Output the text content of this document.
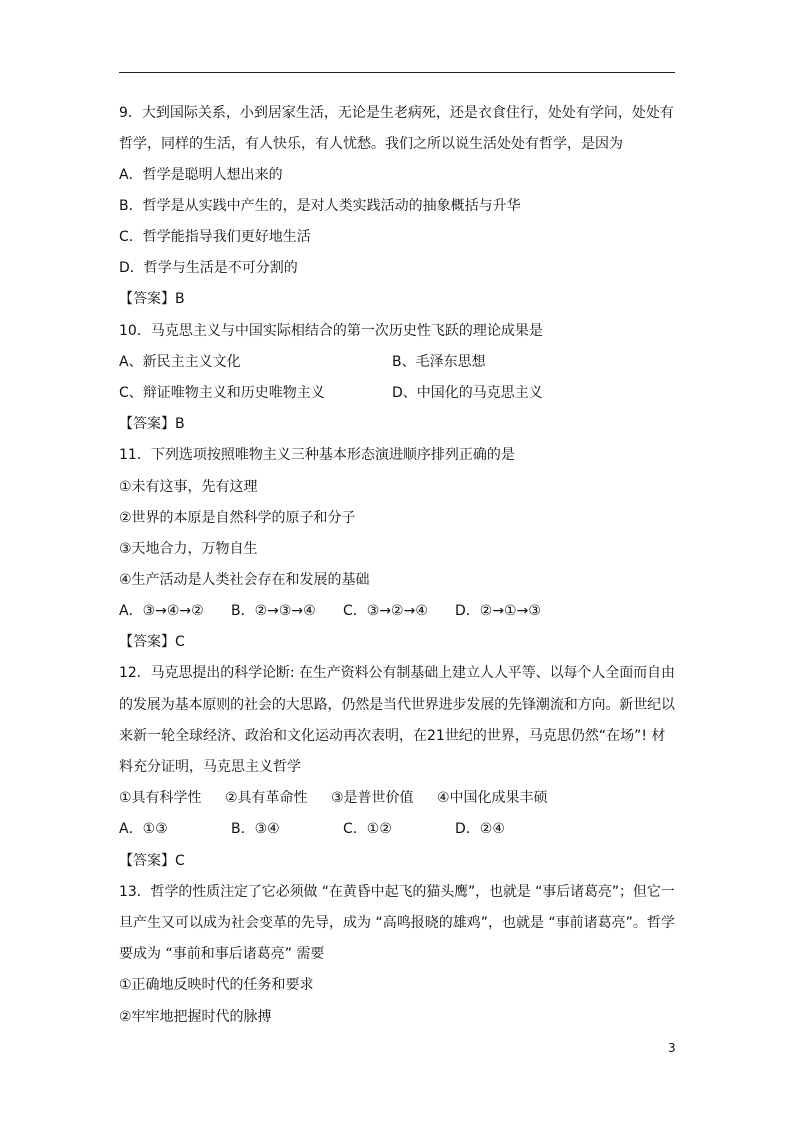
9．大到国际关系，小到居家生活，无论是生老病死，还是衣食住行，处处有学问，处处有
哲学，同样的生活，有人快乐，有人忧愁。我们之所以说生活处处有哲学，是因为
A．哲学是聪明人想出来的
B．哲学是从实践中产生的，是对人类实践活动的抽象概括与升华
C．哲学能指导我们更好地生活
D．哲学与生活是不可分割的
【答案】B
10．马克思主义与中国实际相结合的第一次历史性飞跃的理论成果是
A、新民主主义文化	B、毛泽东思想
C、辩证唯物主义和历史唯物主义	D、中国化的马克思主义
【答案】B
11．下列选项按照唯物主义三种基本形态演进顺序排列正确的是
①未有这事，先有这理
②世界的本原是自然科学的原子和分子
③天地合力，万物自生
④生产活动是人类社会存在和发展的基础
A．③→④→② B．②→③→④ C．③→②→④ D．②→①→③
【答案】C
12．马克思提出的科学论断: 在生产资料公有制基础上建立人人平等、以每个人全面而自由
的发展为基本原则的社会的大思路，仍然是当代世界进步发展的先锋潮流和方向。新世纪以
来新一轮全球经济、政治和文化运动再次表明，在21世纪的世界，马克思仍然“在场”! 材
料充分证明，马克思主义哲学
①具有科学性 ②具有革命性 ③是普世价值 ④中国化成果丰硕
A．①③	B．③④	C．①②	D．②④
【答案】C
13．哲学的性质注定了它必须做 “在黄昏中起飞的猫头鹰”，也就是 “事后诸葛亮”；但它一
旦产生又可以成为社会变革的先导，成为 “高鸣报晓的雄鸡”，也就是 “事前诸葛亮”。哲学
要成为 “事前和事后诸葛亮” 需要
①正确地反映时代的任务和要求
②牢牢地把握时代的脉搏
3
